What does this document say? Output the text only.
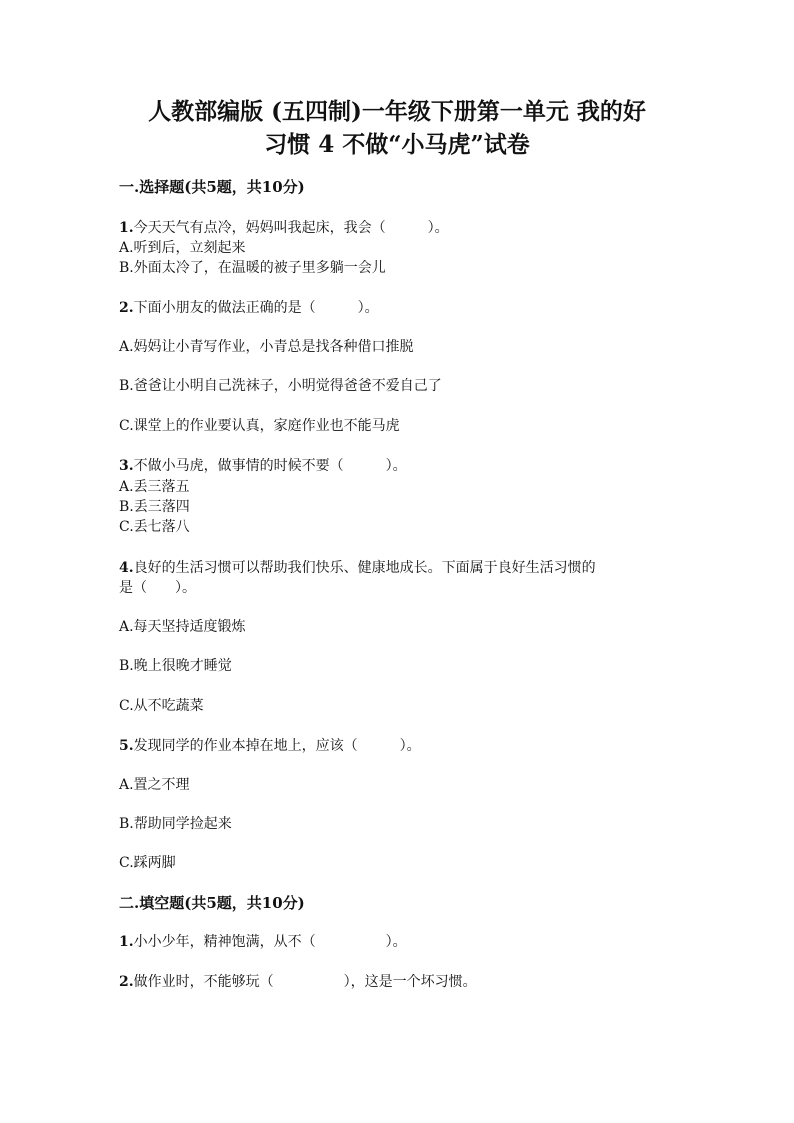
人教部编版 (五四制)一年级下册第一单元 我的好
习惯 4 不做“小马虎”试卷
一.选择题(共5题，共10分)
1.今天天气有点冷，妈妈叫我起床，我会（　　　）。
A.听到后，立刻起来
B.外面太冷了，在温暖的被子里多躺一会儿
2.下面小朋友的做法正确的是（　　　）。
A.妈妈让小青写作业，小青总是找各种借口推脱
B.爸爸让小明自己洗袜子，小明觉得爸爸不爱自己了
C.课堂上的作业要认真，家庭作业也不能马虎
3.不做小马虎，做事情的时候不要（　　　）。
A.丢三落五
B.丢三落四
C.丢七落八
4.良好的生活习惯可以帮助我们快乐、健康地成长。下面属于良好生活习惯的
是（　　）。
A.每天坚持适度锻炼
B.晚上很晚才睡觉
C.从不吃蔬菜
5.发现同学的作业本掉在地上，应该（　　　）。
A.置之不理
B.帮助同学捡起来
C.踩两脚
二.填空题(共5题，共10分)
1.小小少年，精神饱满，从不（　　　　　）。
2.做作业时，不能够玩（　　　　　），这是一个坏习惯。
